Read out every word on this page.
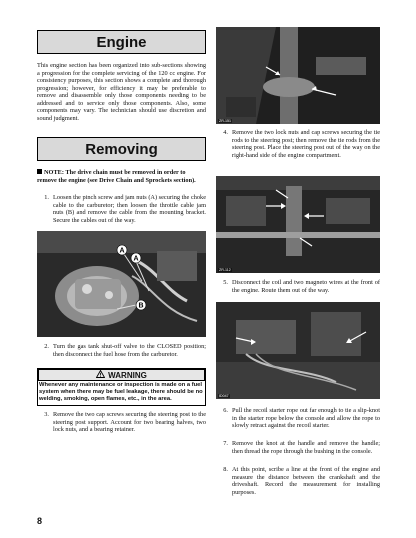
Engine

This engine section has been organized into sub-sections showing a progression for the complete servicing of the 120 cc engine. For consistency purposes, this section shows a complete and thorough progression; however, for efficiency it may be preferable to remove and disassemble only those components needing to be addressed and to service only those components. Also, some components may vary. The technician should use discretion and sound judgment.

Removing

NOTE: The drive chain must be removed in order to remove the engine (see Drive Chain and Sprockets section).

1. Loosen the pinch screw and jam nuts (A) securing the choke cable to the carburetor; then loosen the throttle cable jam nuts (B) and remove the cable from the mounting bracket. Secure the cables out of the way.
A
A
B
2. Turn the gas tank shut-off valve to the CLOSED position; then disconnect the fuel hose from the carburetor.
WARNING

Whenever any maintenance or inspection is made on a fuel system when there may be fuel leakage, there should be no welding, smoking, open flames, etc., in the area.

3. Remove the two cap screws securing the steering post to the steering post support. Account for two bearing halves, two lock nuts, and a bearing retainer.
8
ZR-151
4. Remove the two lock nuts and cap screws securing the tie rods to the steering post; then remove the tie rods from the steering post. Place the steering post out of the way on the right-hand side of the engine compartment.
ZR-112
5. Disconnect the coil and two magneto wires at the front of the engine. Route them out of the way.
ID047
6. Pull the recoil starter rope out far enough to tie a slip-knot in the starter rope below the console and allow the rope to slowly retract against the recoil starter.
7. Remove the knot at the handle and remove the handle; then thread the rope through the bushing in the console.
8. At this point, scribe a line at the front of the engine and measure the distance between the crankshaft and the driveshaft. Record the measurement for installing purposes.
